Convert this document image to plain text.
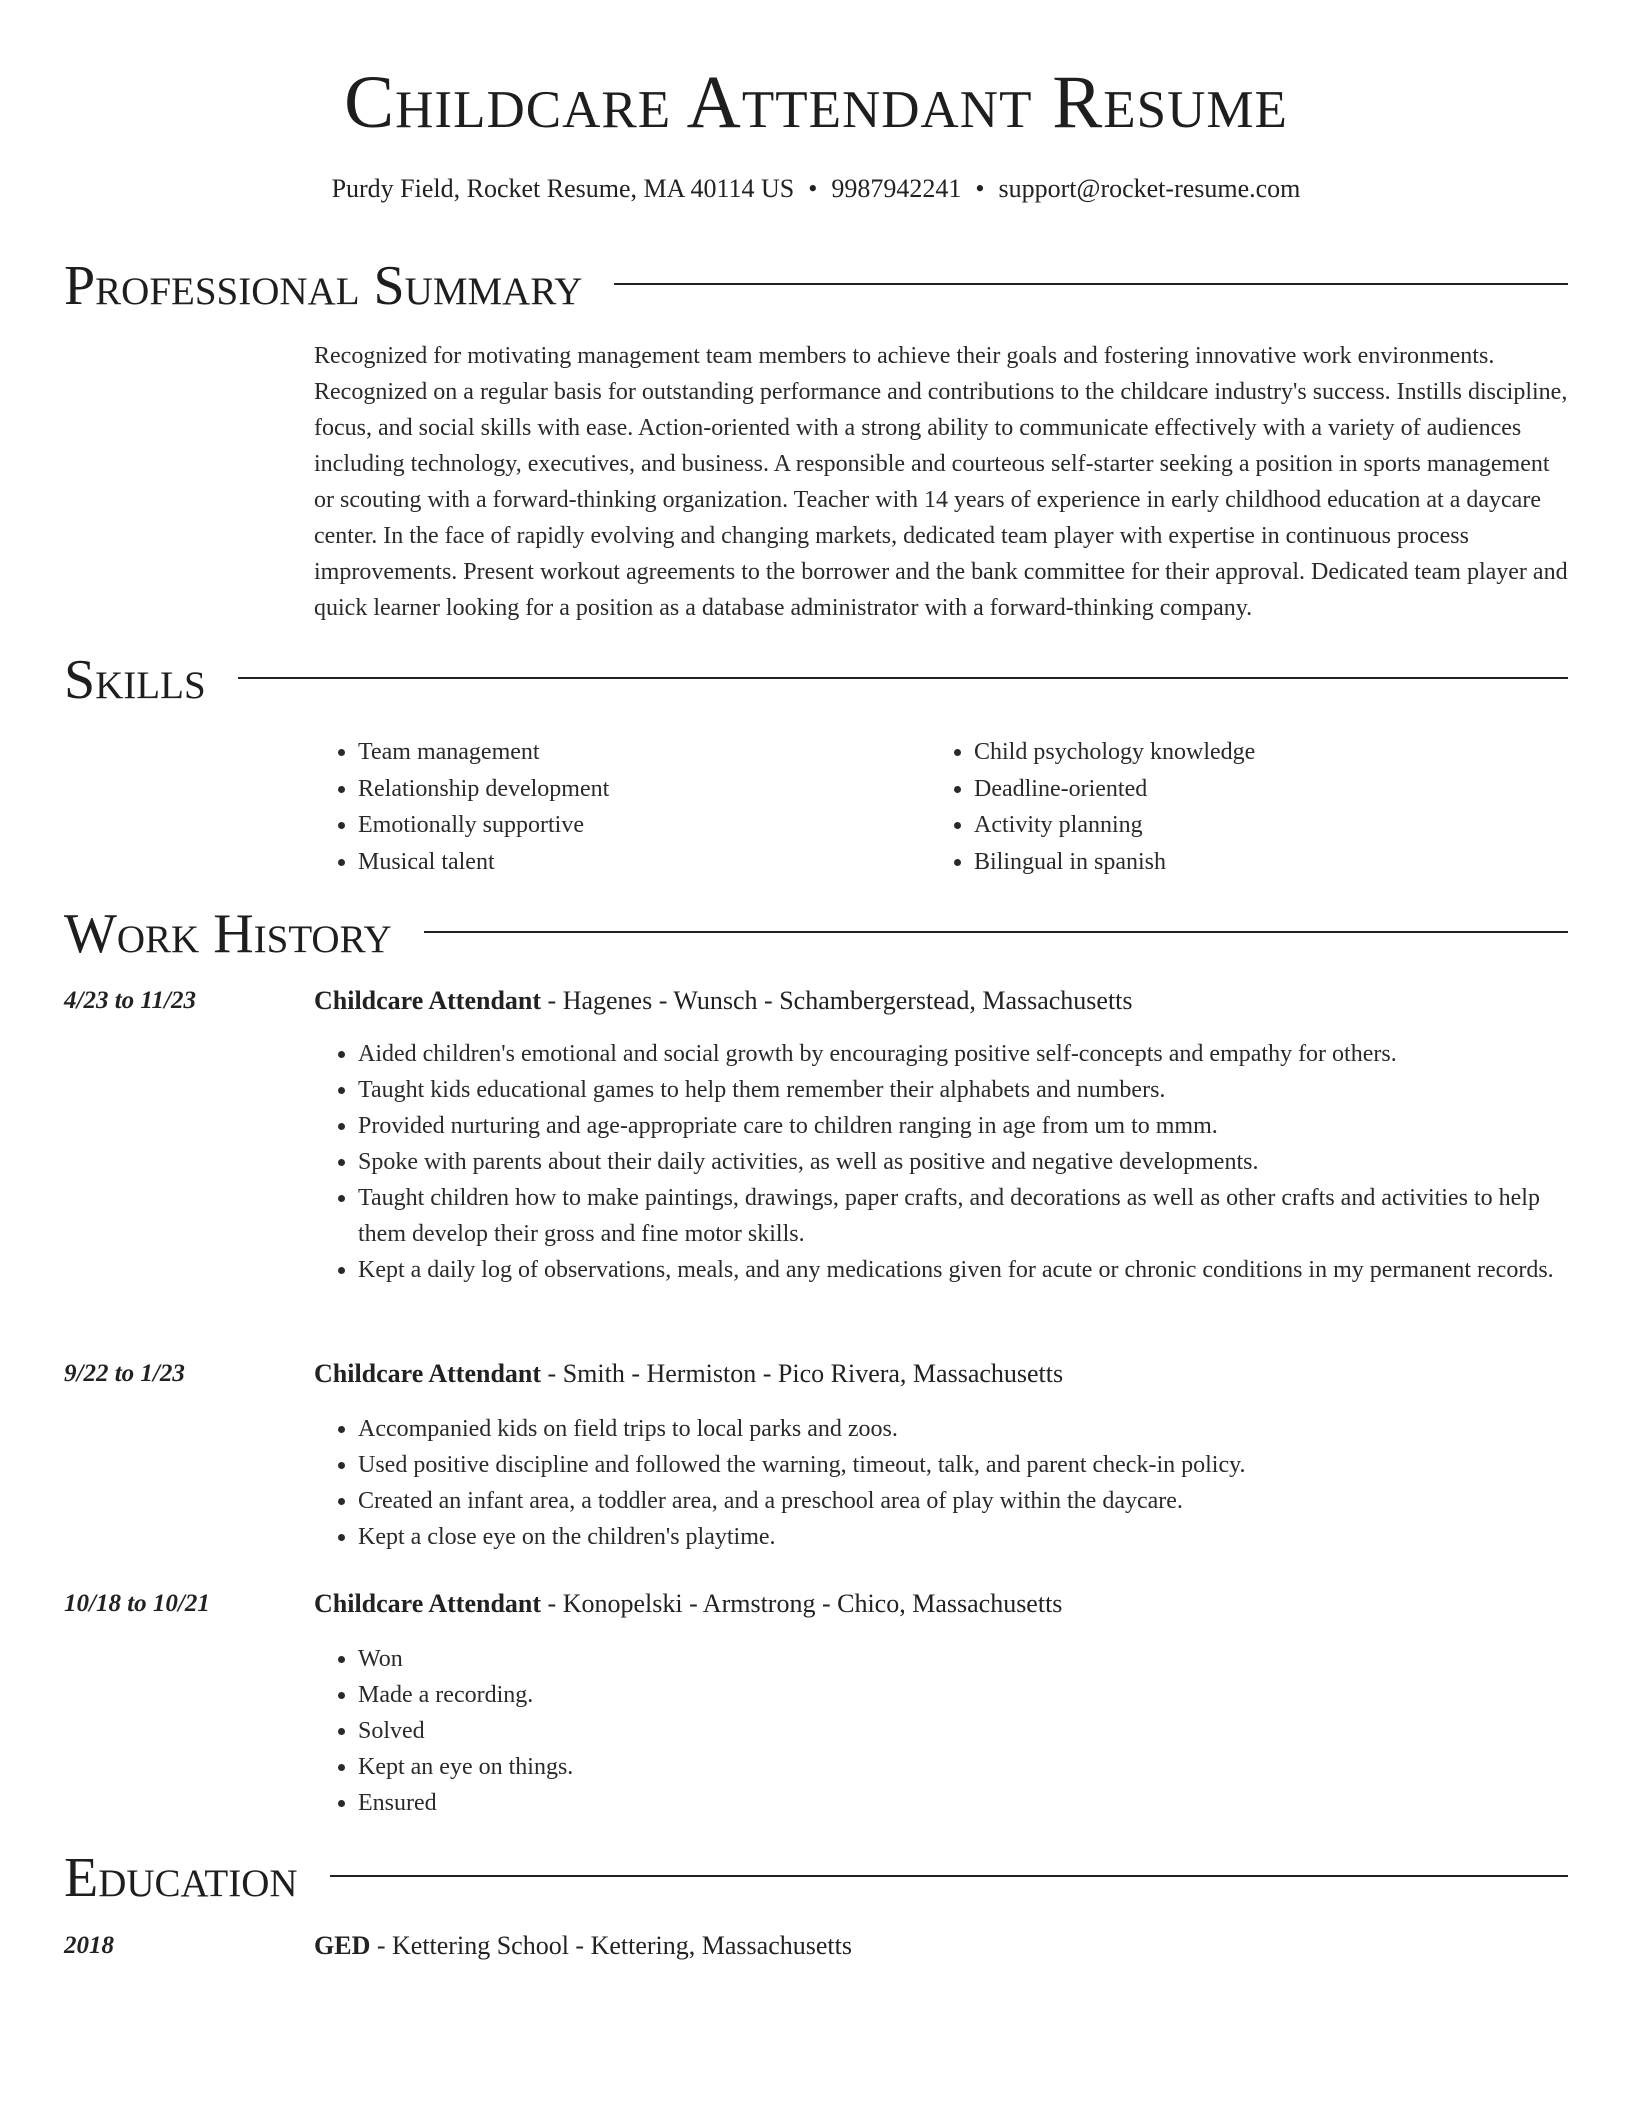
Childcare Attendant Resume
Purdy Field, Rocket Resume, MA 40114 US • 9987942241 • support@rocket-resume.com
Professional Summary
Recognized for motivating management team members to achieve their goals and fostering innovative work environments. Recognized on a regular basis for outstanding performance and contributions to the childcare industry's success. Instills discipline, focus, and social skills with ease. Action-oriented with a strong ability to communicate effectively with a variety of audiences including technology, executives, and business. A responsible and courteous self-starter seeking a position in sports management or scouting with a forward-thinking organization. Teacher with 14 years of experience in early childhood education at a daycare center. In the face of rapidly evolving and changing markets, dedicated team player with expertise in continuous process improvements. Present workout agreements to the borrower and the bank committee for their approval. Dedicated team player and quick learner looking for a position as a database administrator with a forward-thinking company.
Skills
• Team management
• Relationship development
• Emotionally supportive
• Musical talent
• Child psychology knowledge
• Deadline-oriented
• Activity planning
• Bilingual in spanish
Work History
4/23 to 11/23	Childcare Attendant - Hagenes - Wunsch - Schambergerstead, Massachusetts
• Aided children's emotional and social growth by encouraging positive self-concepts and empathy for others.
• Taught kids educational games to help them remember their alphabets and numbers.
• Provided nurturing and age-appropriate care to children ranging in age from um to mmm.
• Spoke with parents about their daily activities, as well as positive and negative developments.
• Taught children how to make paintings, drawings, paper crafts, and decorations as well as other crafts and activities to help them develop their gross and fine motor skills.
• Kept a daily log of observations, meals, and any medications given for acute or chronic conditions in my permanent records.
9/22 to 1/23	Childcare Attendant - Smith - Hermiston - Pico Rivera, Massachusetts
• Accompanied kids on field trips to local parks and zoos.
• Used positive discipline and followed the warning, timeout, talk, and parent check-in policy.
• Created an infant area, a toddler area, and a preschool area of play within the daycare.
• Kept a close eye on the children's playtime.
10/18 to 10/21	Childcare Attendant - Konopelski - Armstrong - Chico, Massachusetts
• Won
• Made a recording.
• Solved
• Kept an eye on things.
• Ensured
Education
2018	GED - Kettering School - Kettering, Massachusetts
